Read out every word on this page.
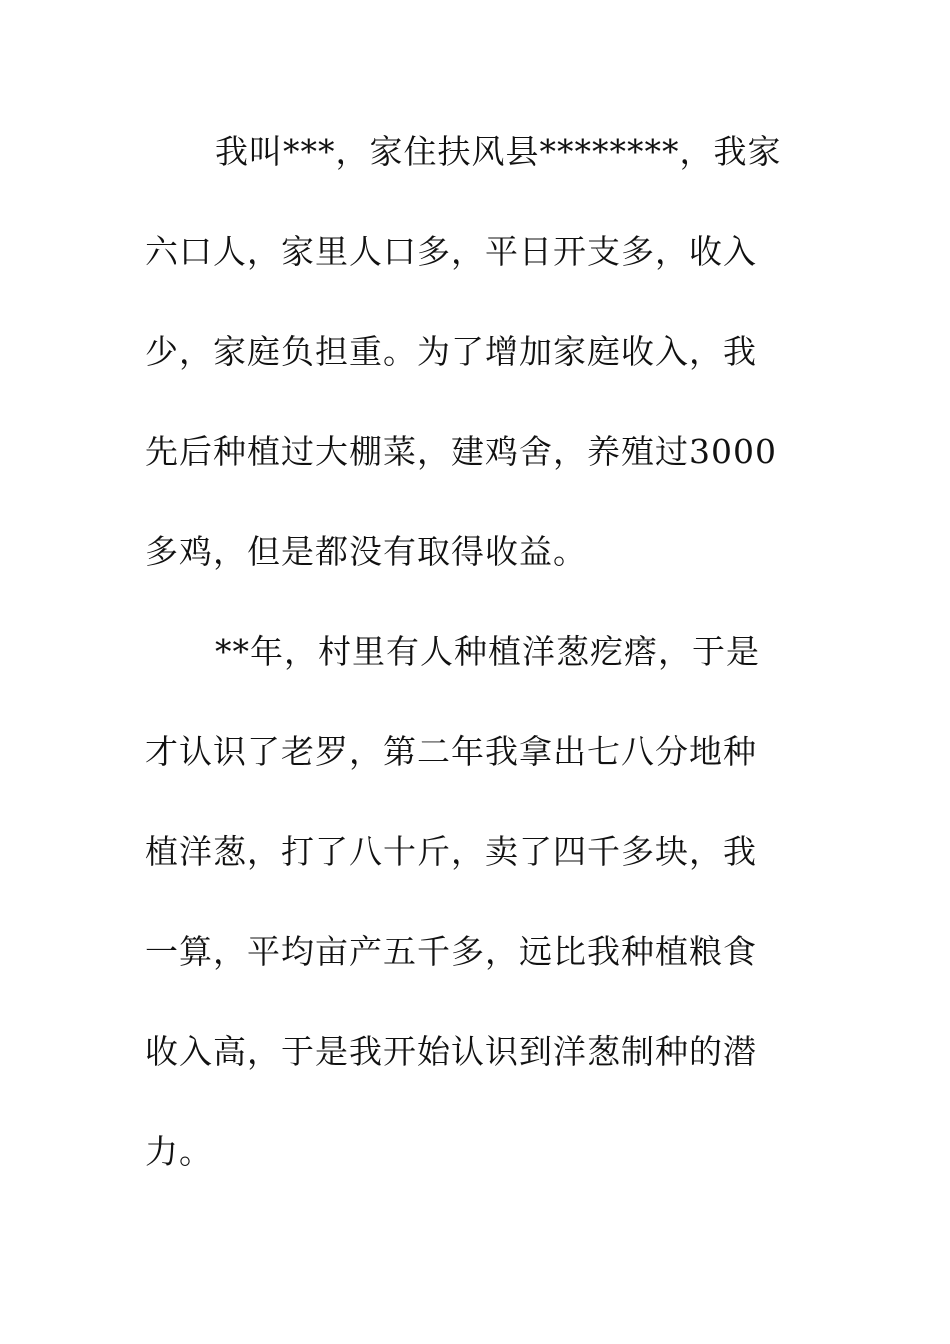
我叫***，家住扶风县********，我家
六口人，家里人口多，平日开支多，收入
少，家庭负担重。为了增加家庭收入，我
先后种植过大棚菜，建鸡舍，养殖过3000
多鸡，但是都没有取得收益。
**年，村里有人种植洋葱疙瘩，于是
才认识了老罗，第二年我拿出七八分地种
植洋葱，打了八十斤，卖了四千多块，我
一算，平均亩产五千多，远比我种植粮食
收入高，于是我开始认识到洋葱制种的潜
力。
